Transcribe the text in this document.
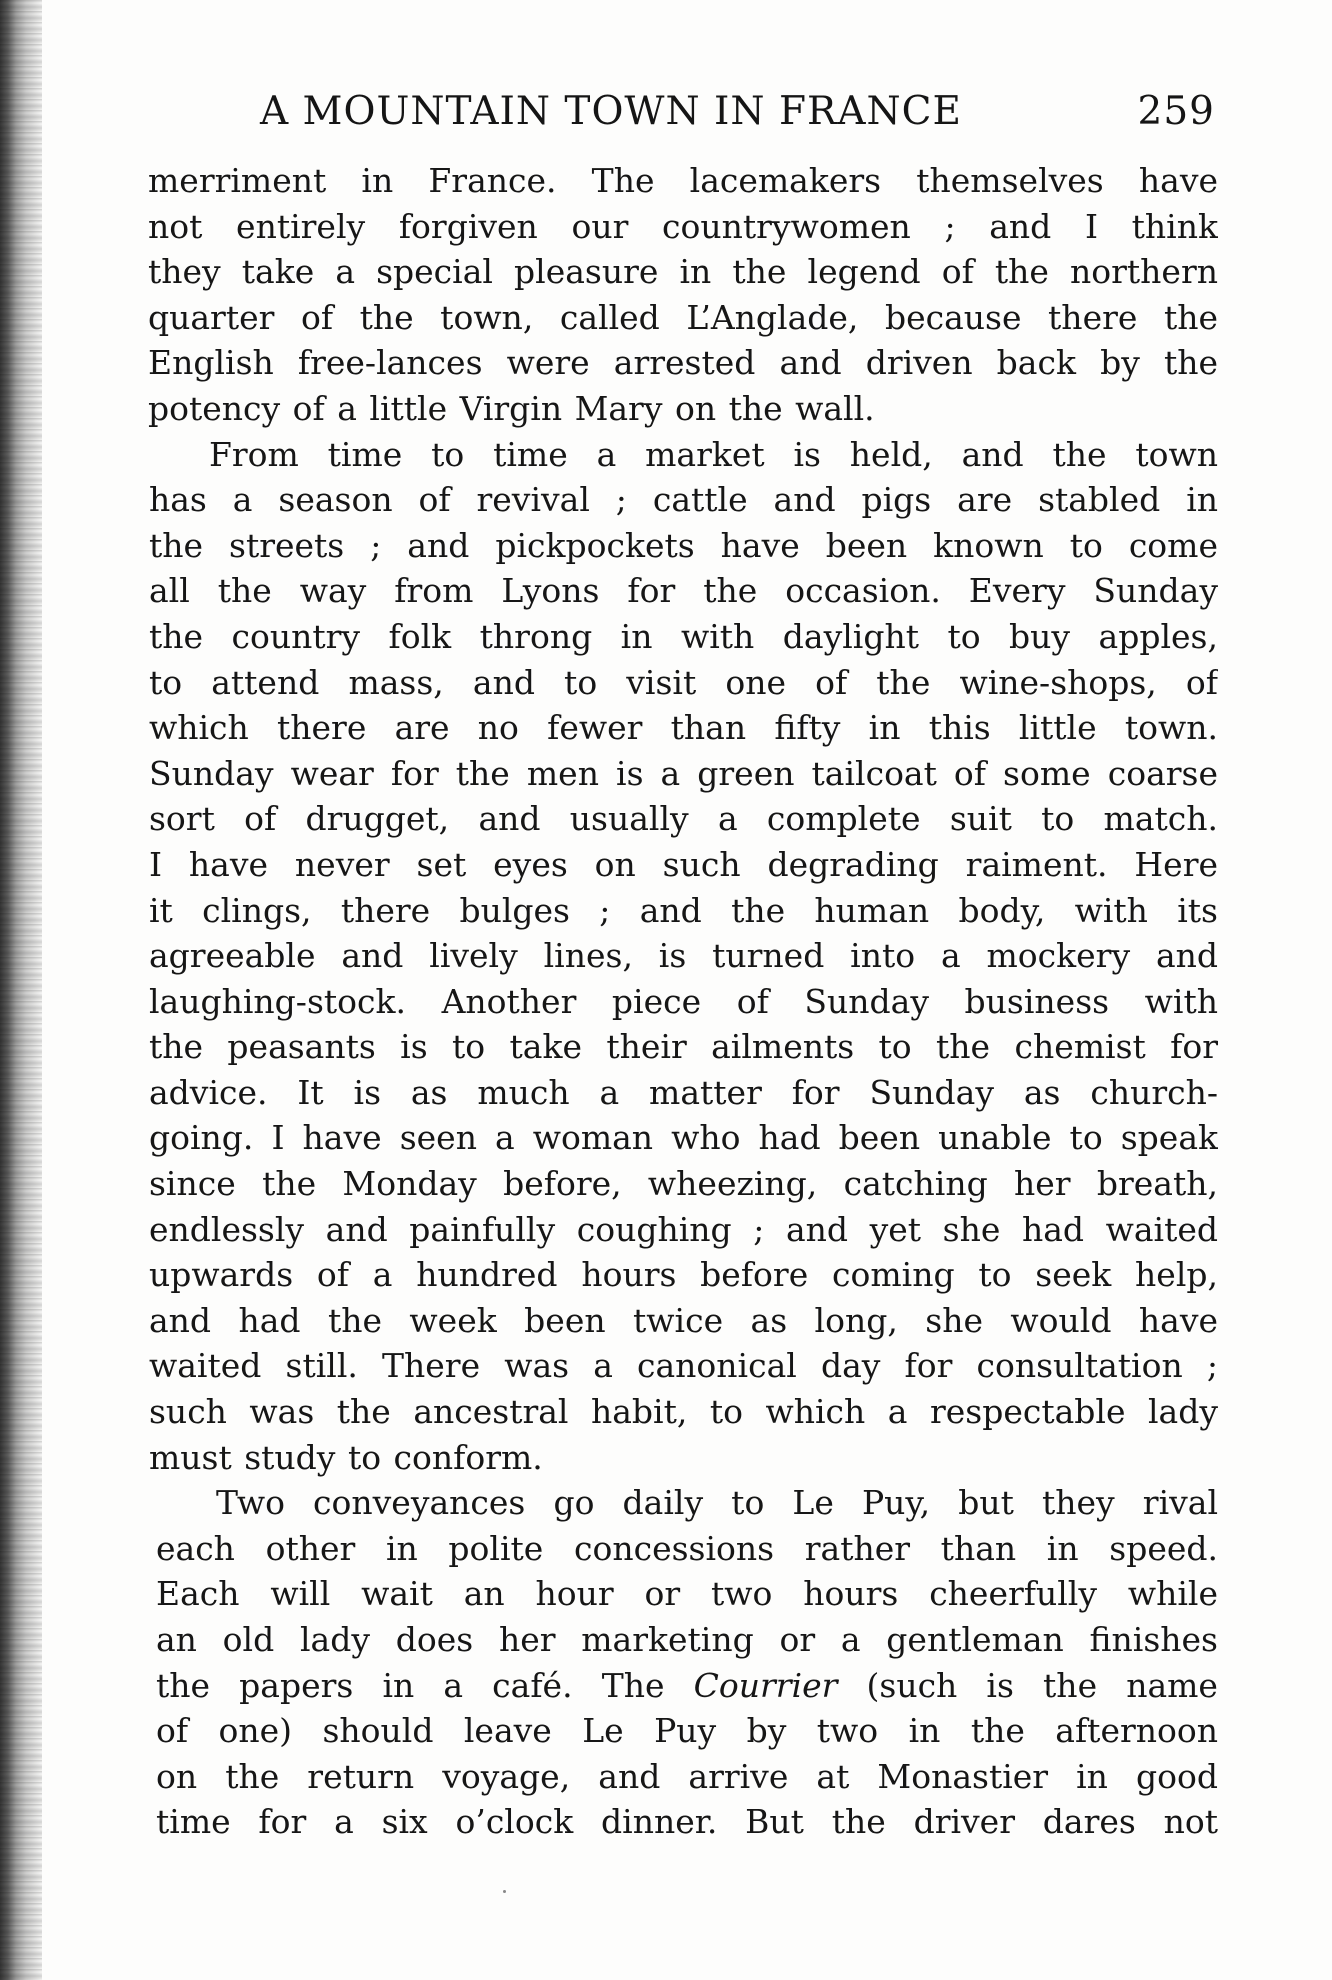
A MOUNTAIN TOWN IN FRANCE	259
merriment in France. The lacemakers themselves have
not entirely forgiven our countrywomen ; and I think
they take a special pleasure in the legend of the northern
quarter of the town, called L’Anglade, because there the
English free-lances were arrested and driven back by the
potency of a little Virgin Mary on the wall.
From time to time a market is held, and the town
has a season of revival ; cattle and pigs are stabled in
the streets ; and pickpockets have been known to come
all the way from Lyons for the occasion. Every Sunday
the country folk throng in with daylight to buy apples,
to attend mass, and to visit one of the wine-shops, of
which there are no fewer than fifty in this little town.
Sunday wear for the men is a green tailcoat of some coarse
sort of drugget, and usually a complete suit to match.
I have never set eyes on such degrading raiment. Here
it clings, there bulges ; and the human body, with its
agreeable and lively lines, is turned into a mockery and
laughing-stock. Another piece of Sunday business with
the peasants is to take their ailments to the chemist for
advice. It is as much a matter for Sunday as church-
going. I have seen a woman who had been unable to speak
since the Monday before, wheezing, catching her breath,
endlessly and painfully coughing ; and yet she had waited
upwards of a hundred hours before coming to seek help,
and had the week been twice as long, she would have
waited still. There was a canonical day for consultation ;
such was the ancestral habit, to which a respectable lady
must study to conform.
Two conveyances go daily to Le Puy, but they rival
each other in polite concessions rather than in speed.
Each will wait an hour or two hours cheerfully while
an old lady does her marketing or a gentleman finishes
the papers in a café. The Courrier (such is the name
of one) should leave Le Puy by two in the afternoon
on the return voyage, and arrive at Monastier in good
time for a six o’clock dinner. But the driver dares not
